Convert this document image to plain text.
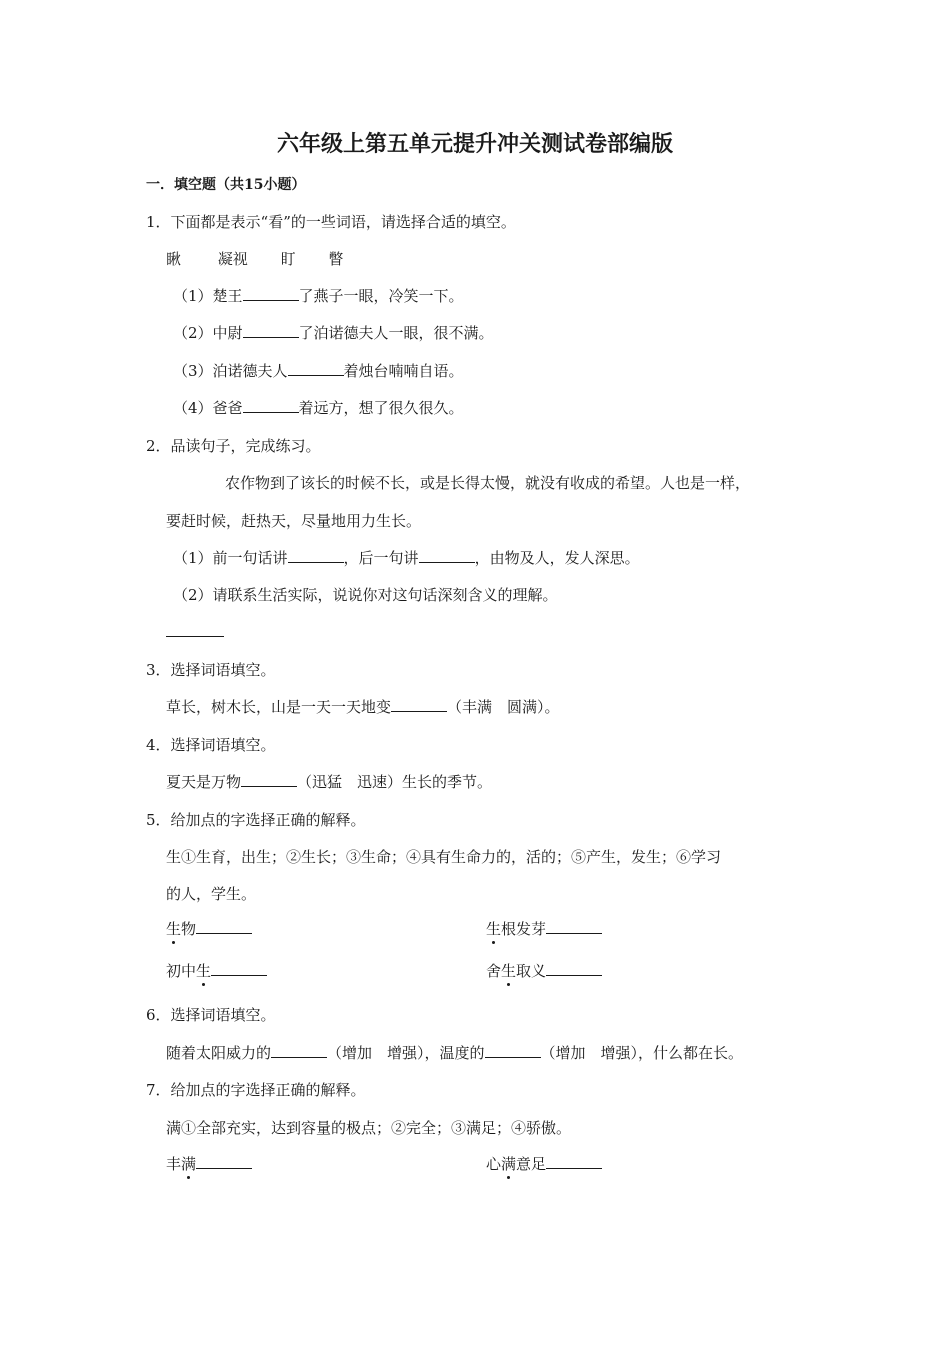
六年级上第五单元提升冲关测试卷部编版
一．填空题（共15小题）
1．下面都是表示“看”的一些词语，请选择合适的填空。
瞅 凝视 盯 瞥
（1）楚王	了燕子一眼，冷笑一下。
（2）中尉	了泊诺德夫人一眼，很不满。
（3）泊诺德夫人	着烛台喃喃自语。
（4）爸爸	着远方，想了很久很久。
2．品读句子，完成练习。
农作物到了该长的时候不长，或是长得太慢，就没有收成的希望。人也是一样，
要赶时候，赶热天，尽量地用力生长。
（1）前一句话讲	，后一句讲	，由物及人，发人深思。
（2）请联系生活实际，说说你对这句话深刻含义的理解。
3．选择词语填空。
草长，树木长，山是一天一天地变	（丰满　圆满）。
4．选择词语填空。
夏天是万物	（迅猛　迅速）生长的季节。
5．给加点的字选择正确的解释。
生①生育，出生；②生长；③生命；④具有生命力的，活的；⑤产生，发生；⑥学习
的人，学生。
生物	生根发芽
初中生	舍生取义
6．选择词语填空。
随着太阳威力的	（增加　增强），温度的	（增加　增强），什么都在长。
7．给加点的字选择正确的解释。
满①全部充实，达到容量的极点；②完全；③满足；④骄傲。
丰满	心满意足
